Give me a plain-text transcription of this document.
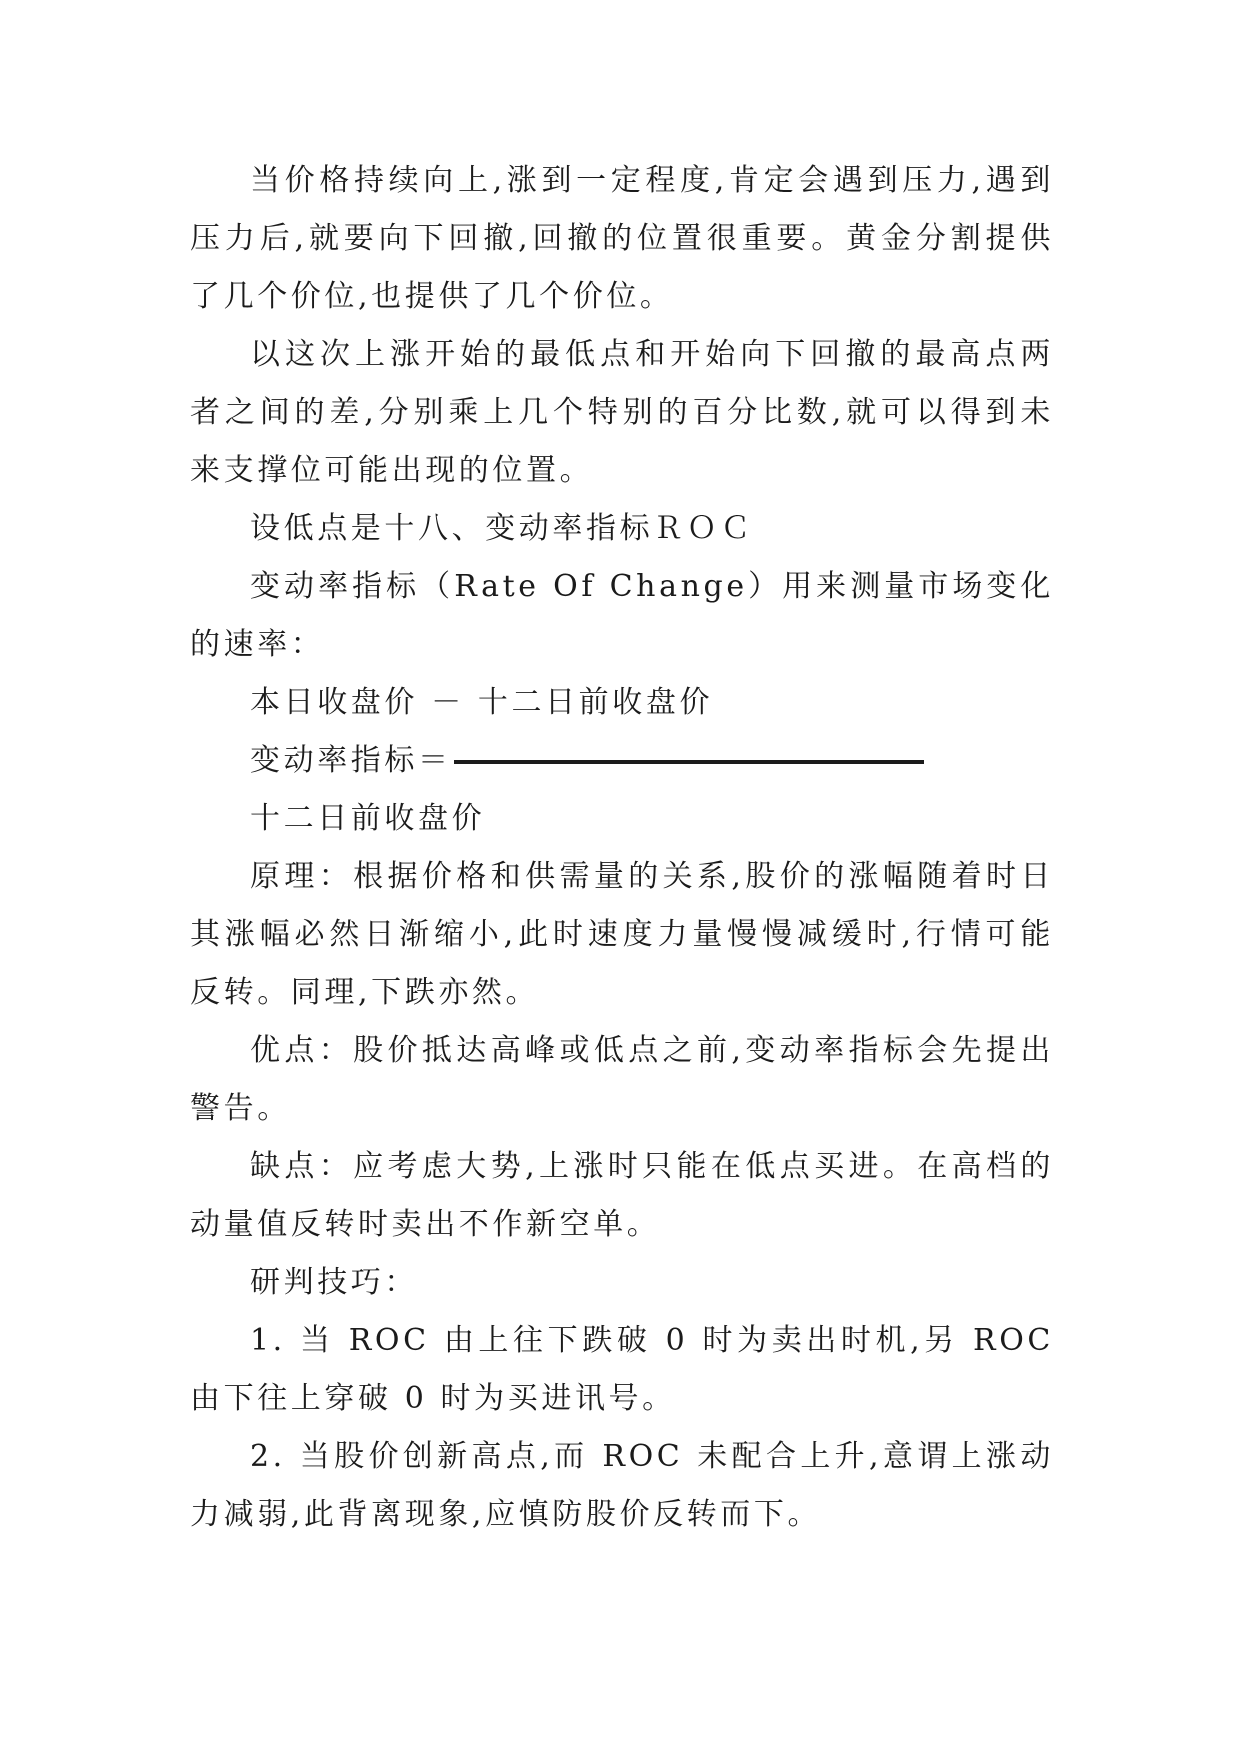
当价格持续向上,涨到一定程度,肯定会遇到压力,遇到压力后,就要向下回撤,回撤的位置很重要。黄金分割提供了几个价位,也提供了几个价位。

以这次上涨开始的最低点和开始向下回撤的最高点两者之间的差,分别乘上几个特别的百分比数,就可以得到未来支撑位可能出现的位置。

设低点是十八、变动率指标ＲＯＣ

变动率指标（Rate Of Change）用来测量市场变化的速率：

本日收盘价 － 十二日前收盘价

变动率指标＝

十二日前收盘价

原理：根据价格和供需量的关系,股价的涨幅随着时日其涨幅必然日渐缩小,此时速度力量慢慢减缓时,行情可能反转。同理,下跌亦然。

优点：股价抵达高峰或低点之前,变动率指标会先提出警告。

缺点：应考虑大势,上涨时只能在低点买进。在高档的动量值反转时卖出不作新空单。

研判技巧：

1. 当 ROC 由上往下跌破 0 时为卖出时机,另 ROC 由下往上穿破 0 时为买进讯号。

2. 当股价创新高点,而 ROC 未配合上升,意谓上涨动力减弱,此背离现象,应慎防股价反转而下。
